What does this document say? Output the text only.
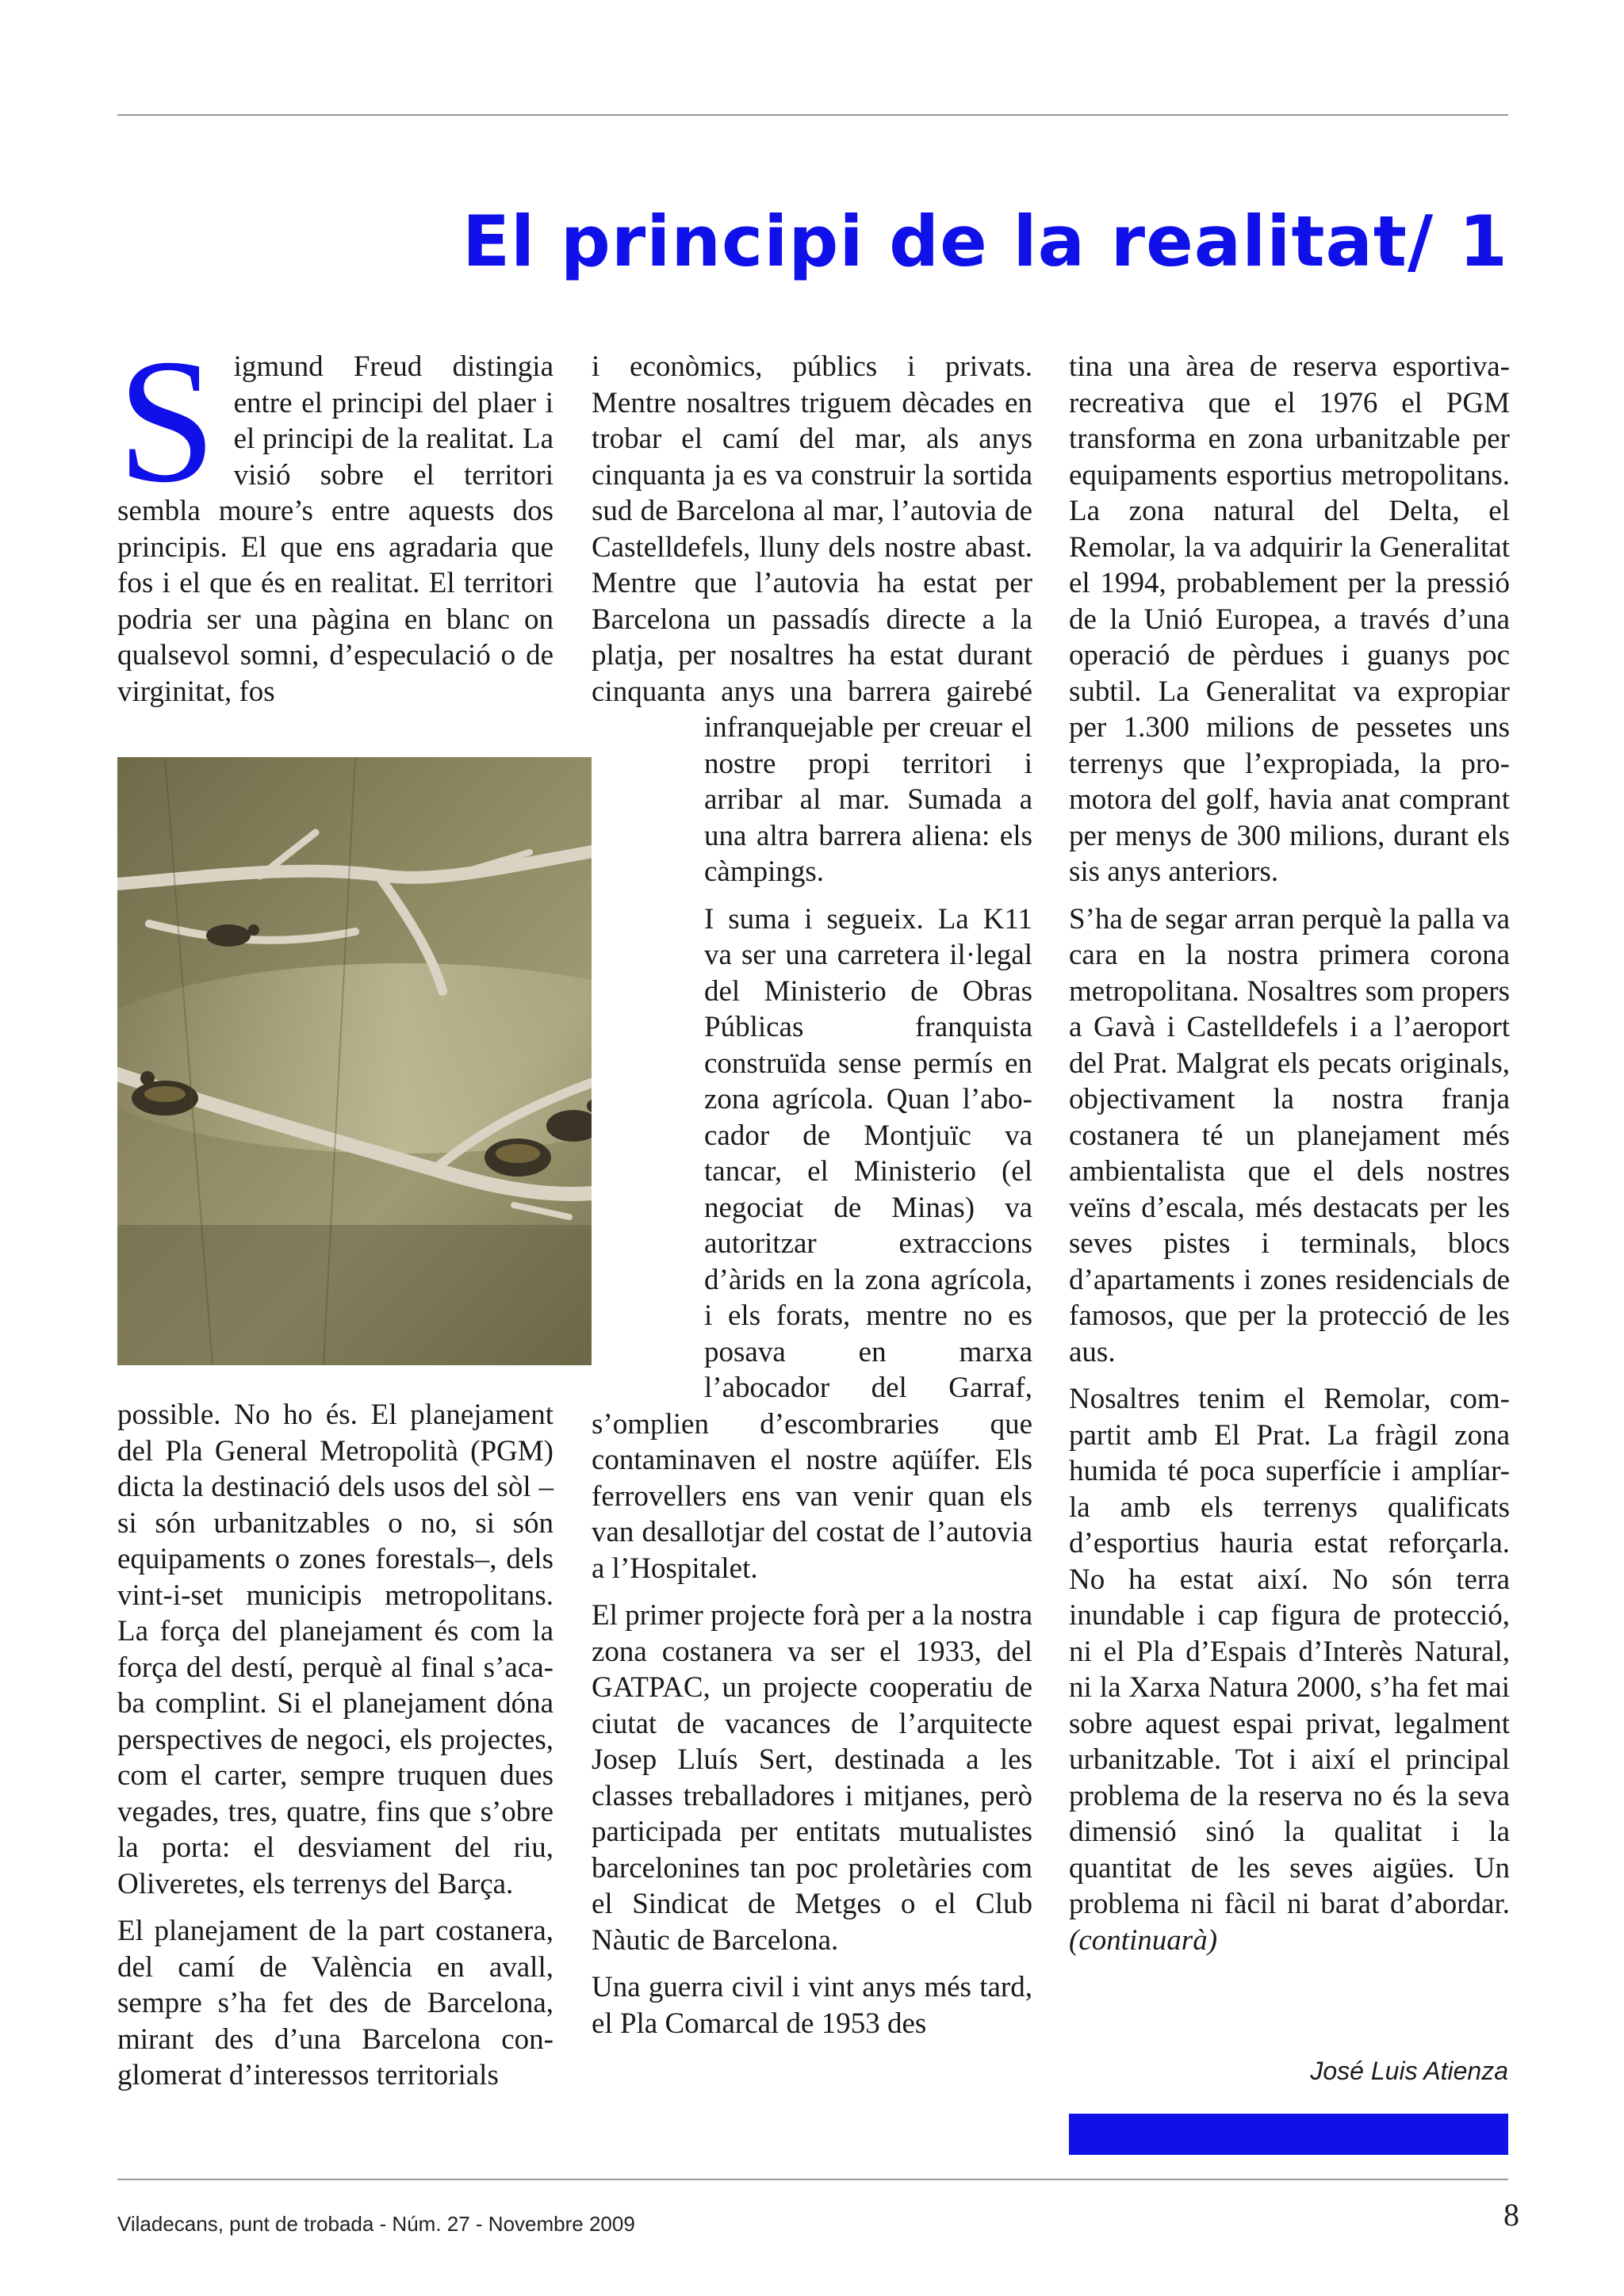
El principi de la realitat/ 1

Sigmund Freud distingia entre el principi del plaer i el principi de la realitat. La visió sobre el territori sembla moure’s entre aquests dos principis. El que ens agradaria que fos i el que és en realitat. El territori podria ser una pàgina en blanc on qualsevol somni, d’especulació o de virginitat, fos

possible. No ho és. El planejament del Pla General Metropolità (PGM) dicta la destinació dels usos del sòl –si són urbanitzables o no, si són equipaments o zones forestals–, dels vint-i-set municipis metropolitans. La força del planejament és com la força del destí, perquè al final s’acaba complint. Si el planejament dóna perspectives de negoci, els projectes, com el carter, sempre truquen dues vegades, tres, quatre, fins que s’obre la porta: el desviament del riu, Oliveretes, els terrenys del Barça.

El planejament de la part costanera, del camí de València en avall, sempre s’ha fet des de Barcelona, mirant des d’una Barcelona conglomerat d’interessos territorials

i econòmics, públics i privats. Mentre nosaltres triguem dècades en trobar el camí del mar, als anys cinquanta ja es va construir la sortida sud de Barcelona al mar, l’autovia de Castelldefels, lluny dels nostre abast. Mentre que l’autovia ha estat per Barcelona un passadís directe a la platja, per nosaltres ha estat durant cinquanta anys una barrera gairebé infranquejable per creuar el nostre propi territori i arribar al mar. Sumada a una altra barrera aliena: els càmpings.

I suma i segueix. La K11 va ser una carretera il·legal del Ministerio de Obras Públicas franquista construïda sense permís en zona agrícola. Quan l’abocador de Montjuïc va tancar, el Ministerio (el negociat de Minas) va autoritzar extraccions d’àrids en la zona agrícola, i els forats, mentre no es posava en marxa l’abocador del Garraf, s’omplien d’escombraries que contaminaven el nostre aqüífer. Els ferrovellers ens van venir quan els van desallotjar del costat de l’autovia a l’Hospitalet.

El primer projecte forà per a la nostra zona costanera va ser el 1933, del GATPAC, un projecte cooperatiu de ciutat de vacances de l’arquitecte Josep Lluís Sert, destinada a les classes treballadores i mitjanes, però participada per entitats mutualistes barcelonines tan poc proletàries com el Sindicat de Metges o el Club Nàutic de Barcelona.

Una guerra civil i vint anys més tard, el Pla Comarcal de 1953 des

tina una àrea de reserva esportiva-recreativa que el 1976 el PGM transforma en zona urbanitzable per equipaments esportius metropolitans. La zona natural del Delta, el Remolar, la va adquirir la Generalitat el 1994, probablement per la pressió de la Unió Europea, a través d’una operació de pèrdues i guanys poc subtil. La Generalitat va expropiar per 1.300 milions de pessetes uns terrenys que l’expropiada, la promotora del golf, havia anat comprant per menys de 300 milions, durant els sis anys anteriors.

S’ha de segar arran perquè la palla va cara en la nostra primera corona metropolitana. Nosaltres som propers a Gavà i Castelldefels i a l’aeroport del Prat. Malgrat els pecats originals, objectivament la nostra franja costanera té un planejament més ambientalista que el dels nostres veïns d’escala, més destacats per les seves pistes i terminals, blocs d’apartaments i zones residencials de famosos, que per la protecció de les aus.

Nosaltres tenim el Remolar, compartit amb El Prat. La fràgil zona humida té poca superfície i amplíar-la amb els terrenys qualificats d’esportius hauria estat reforçarla. No ha estat així. No són terra inundable i cap figura de protecció, ni el Pla d’Espais d’Interès Natural, ni la Xarxa Natura 2000, s’ha fet mai sobre aquest espai privat, legalment urbanitzable. Tot i així el principal problema de la reserva no és la seva dimensió sinó la qualitat i la quantitat de les seves aigües. Un problema ni fàcil ni barat d’abordar. (continuarà)

José Luis Atienza

Viladecans, punt de trobada - Núm. 27 - Novembre 2009	8
